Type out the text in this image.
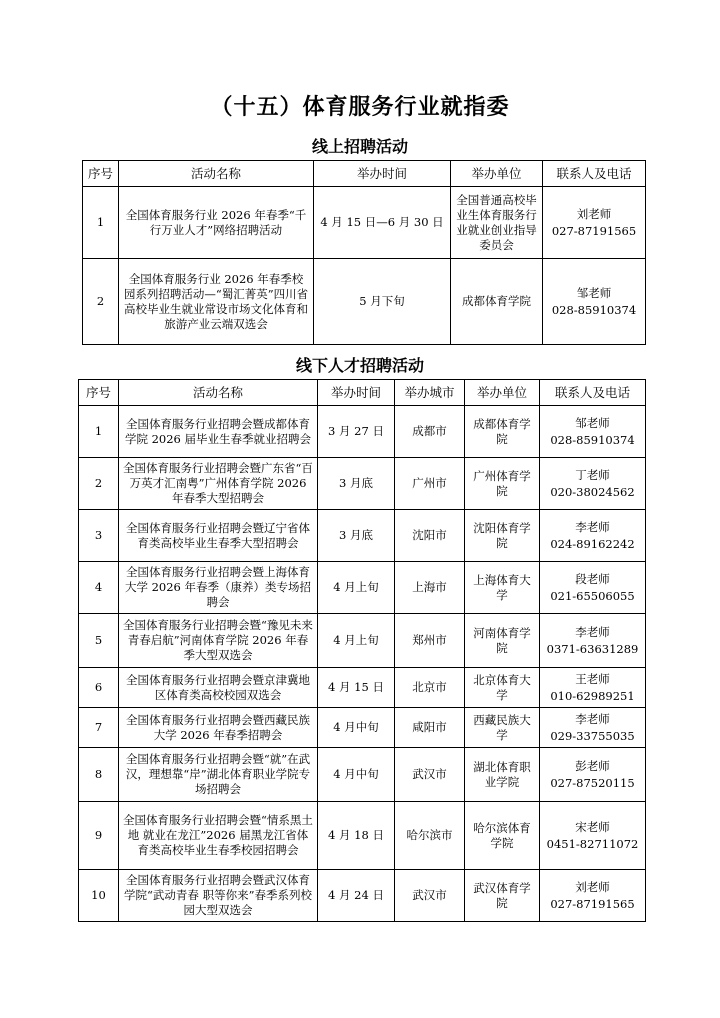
（十五）体育服务行业就指委
线上招聘活动
序号	活动名称	举办时间	举办单位	联系人及电话
1	全国体育服务行业 2026 年春季“千行万业人才”网络招聘活动	4 月 15 日—6 月 30 日	全国普通高校毕业生体育服务行业就业创业指导委员会	刘老师
027-87191565

2	全国体育服务行业 2026 年春季校园系列招聘活动—“蜀汇菁英”四川省高校毕业生就业常设市场文化体育和旅游产业云端双选会	5 月下旬	成都体育学院	邹老师
028-85910374
线下人才招聘活动
序号	活动名称	举办时间	举办城市	举办单位	联系人及电话
1	全国体育服务行业招聘会暨成都体育学院 2026 届毕业生春季就业招聘会	3 月 27 日	成都市	成都体育学院	邹老师
028-85910374

2	全国体育服务行业招聘会暨广东省“百万英才汇南粤”广州体育学院 2026 年春季大型招聘会	3 月底	广州市	广州体育学院	丁老师
020-38024562

3	全国体育服务行业招聘会暨辽宁省体育类高校毕业生春季大型招聘会	3 月底	沈阳市	沈阳体育学院	李老师
024-89162242

4	全国体育服务行业招聘会暨上海体育大学 2026 年春季（康养）类专场招聘会	4 月上旬	上海市	上海体育大学	段老师
021-65506055

5	全国体育服务行业招聘会暨“豫见未来 青春启航”河南体育学院 2026 年春季大型双选会	4 月上旬	郑州市	河南体育学院	李老师
0371-63631289

6	全国体育服务行业招聘会暨京津冀地区体育类高校校园双选会	4 月 15 日	北京市	北京体育大学	王老师
010-62989251

7	全国体育服务行业招聘会暨西藏民族大学 2026 年春季招聘会	4 月中旬	咸阳市	西藏民族大学	李老师
029-33755035

8	全国体育服务行业招聘会暨“就”在武汉，理想靠“岸”湖北体育职业学院专场招聘会	4 月中旬	武汉市	湖北体育职业学院	彭老师
027-87520115

9	全国体育服务行业招聘会暨“情系黑土地 就业在龙江”2026 届黑龙江省体育类高校毕业生春季校园招聘会	4 月 18 日	哈尔滨市	哈尔滨体育学院	宋老师
0451-82711072

10	全国体育服务行业招聘会暨武汉体育学院“武动青春 职等你来”春季系列校园大型双选会	4 月 24 日	武汉市	武汉体育学院	刘老师
027-87191565
